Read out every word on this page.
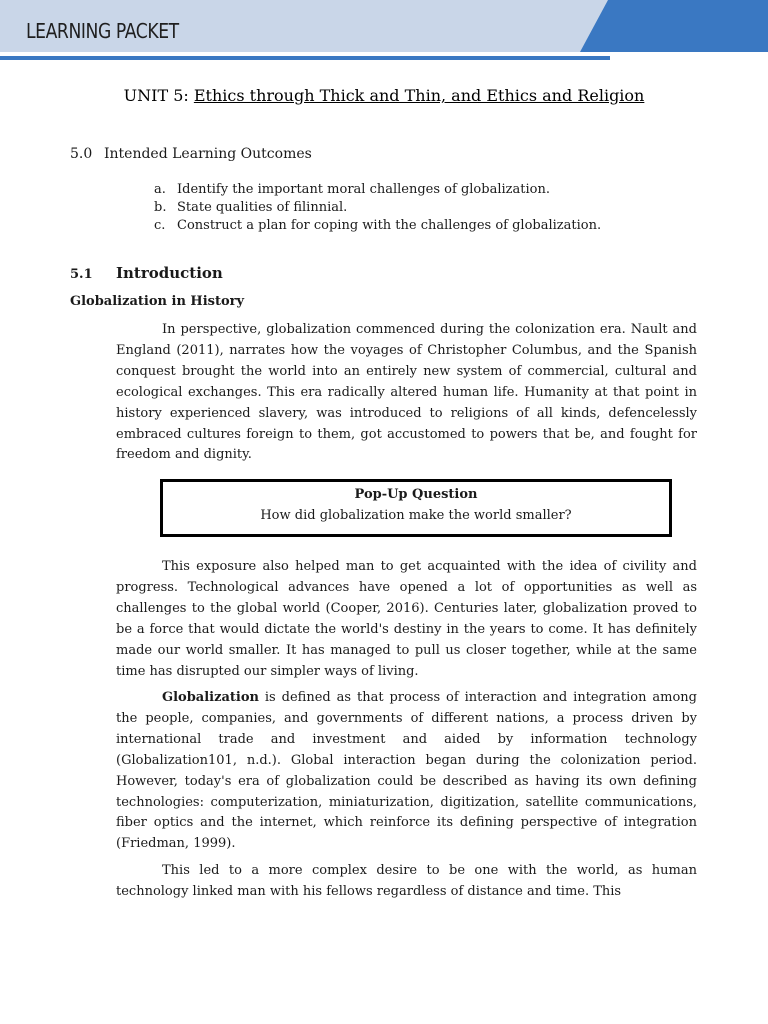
LEARNING PACKET
UNIT 5: Ethics through Thick and Thin, and Ethics and Religion
5.0 Intended Learning Outcomes
a. Identify the important moral challenges of globalization.
b. State qualities of filinnial.
c. Construct a plan for coping with the challenges of globalization.
5.1 Introduction
Globalization in History

In perspective, globalization commenced during the colonization era. Nault and England (2011), narrates how the voyages of Christopher Columbus, and the Spanish conquest brought the world into an entirely new system of commercial, cultural and ecological exchanges. This era radically altered human life. Humanity at that point in history experienced slavery, was introduced to religions of all kinds, defencelessly embraced cultures foreign to them, got accustomed to powers that be, and fought for freedom and dignity.

Pop-Up Question
How did globalization make the world smaller?

This exposure also helped man to get acquainted with the idea of civility and progress. Technological advances have opened a lot of opportunities as well as challenges to the global world (Cooper, 2016). Centuries later, globalization proved to be a force that would dictate the world's destiny in the years to come. It has definitely made our world smaller. It has managed to pull us closer together, while at the same time has disrupted our simpler ways of living.

Globalization is defined as that process of interaction and integration among the people, companies, and governments of different nations, a process driven by international trade and investment and aided by information technology (Globalization101, n.d.). Global interaction began during the colonization period. However, today's era of globalization could be described as having its own defining technologies: computerization, miniaturization, digitization, satellite communications, fiber optics and the internet, which reinforce its defining perspective of integration (Friedman, 1999).

This led to a more complex desire to be one with the world, as human technology linked man with his fellows regardless of distance and time. This
